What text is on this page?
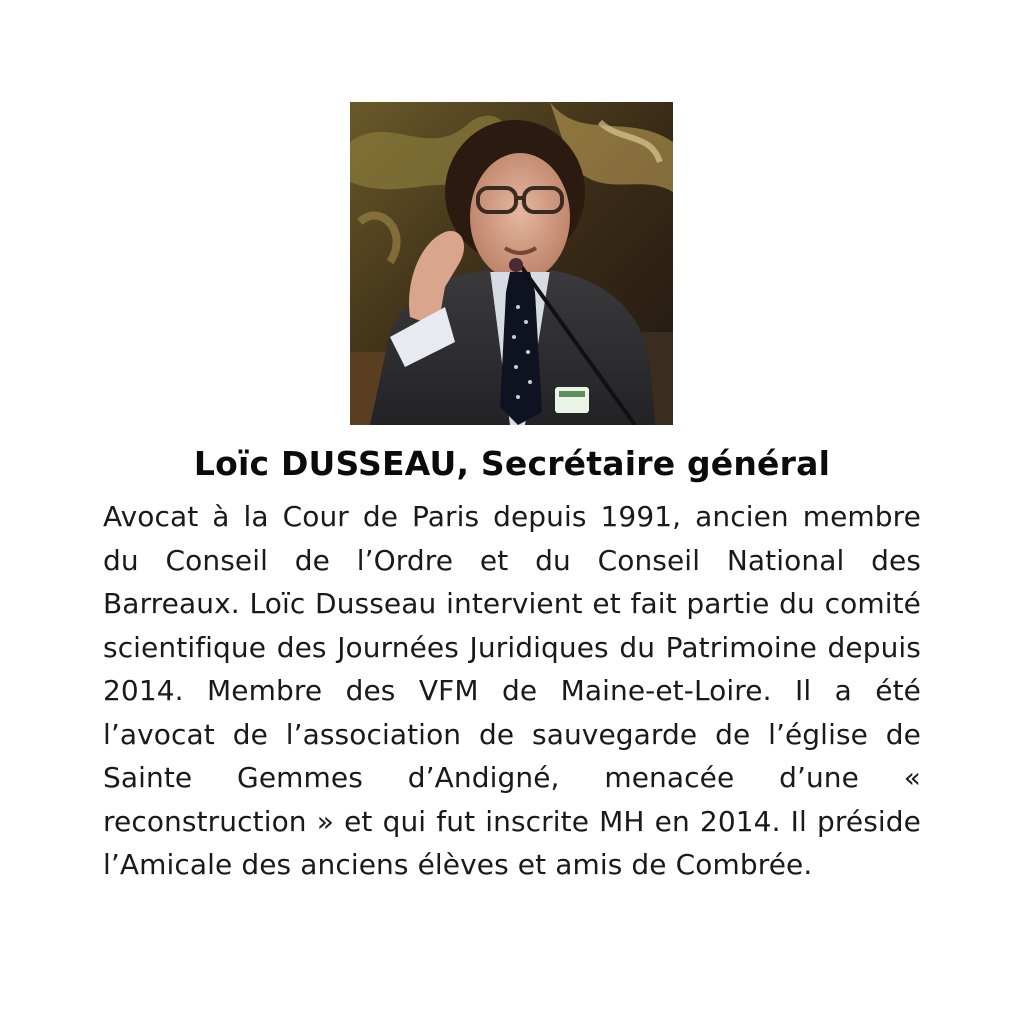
Loïc DUSSEAU, Secrétaire général

Avocat à la Cour de Paris depuis 1991, ancien membre du Conseil de l’Ordre et du Conseil National des Barreaux. Loïc Dusseau intervient et fait partie du comité scientifique des Journées Juridiques du Patrimoine depuis 2014. Membre des VFM de Maine-et-Loire. Il a été l’avocat de l’association de sauvegarde de l’église de Sainte Gemmes d’Andigné, menacée d’une « reconstruction » et qui fut inscrite MH en 2014. Il préside l’Amicale des anciens élèves et amis de Combrée.
